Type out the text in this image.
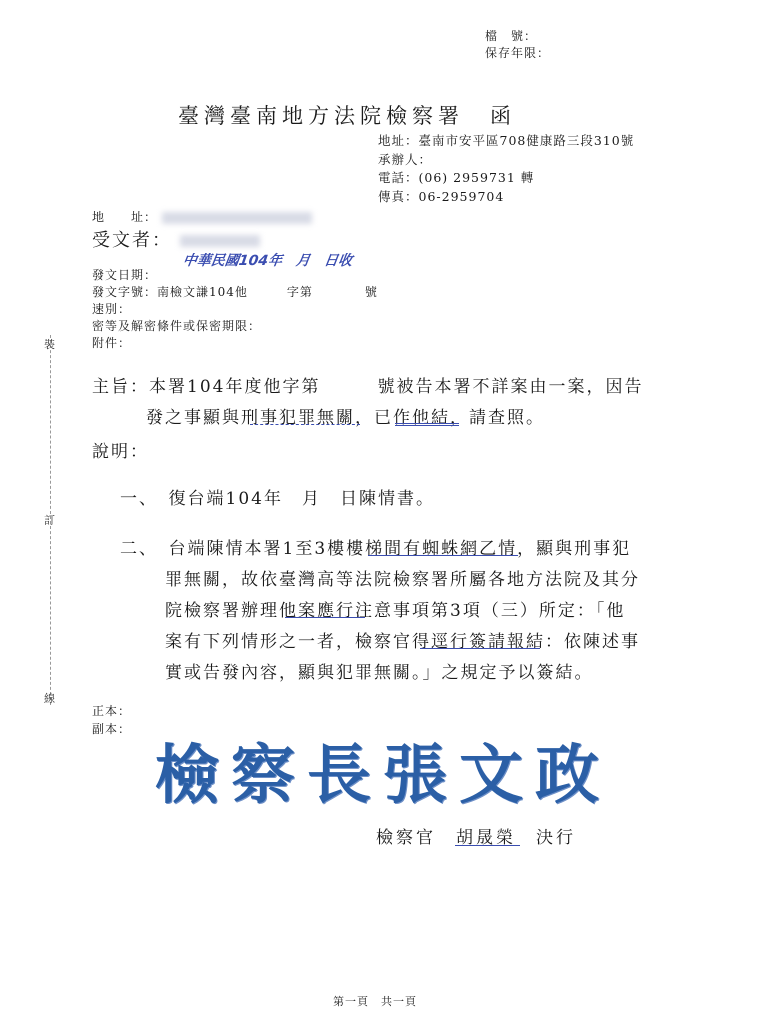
檔　號：
保存年限：
臺灣臺南地方法院檢察署　函
地址：臺南市安平區708健康路三段310號
承辦人：
電話：(06) 2959731 轉
傳真：06-2959704
地　　址：
受文者：
中華民國104年　月　日收
發文日期：
發文字號：南檢文謙104他　　　字第　　　　號
速別：
密等及解密條件或保密期限：
附件：
裝
訂
線
主旨：本署104年度他字第　　　號被告本署不詳案由一案，因告
發之事顯與刑事犯罪無關，已作他結，請查照。
說明：
一、　復台端104年　月　日陳情書。
二、　台端陳情本署1至3樓樓梯間有蜘蛛網乙情，顯與刑事犯
罪無關，故依臺灣高等法院檢察署所屬各地方法院及其分
院檢察署辦理他案應行注意事項第3項（三）所定：「他
案有下列情形之一者，檢察官得逕行簽請報結：依陳述事
實或告發內容，顯與犯罪無關。」之規定予以簽結。
正本：
副本：
檢察長張文政
檢察官　胡晟榮　決行
第一頁　共一頁
